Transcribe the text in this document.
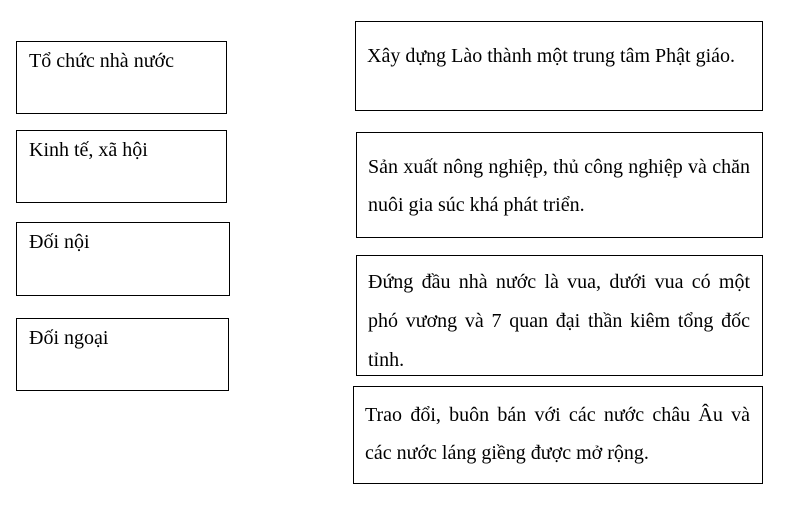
Tổ chức nhà nước
Kinh tế, xã hội
Đối nội
Đối ngoại
Xây dựng Lào thành một trung tâm Phật giáo.
Sản xuất nông nghiệp, thủ công nghiệp và chăn nuôi gia súc khá phát triển.
Đứng đầu nhà nước là vua, dưới vua có một phó vương và 7 quan đại thần kiêm tổng đốc tỉnh.
Trao đổi, buôn bán với các nước châu Âu và các nước láng giềng được mở rộng.
